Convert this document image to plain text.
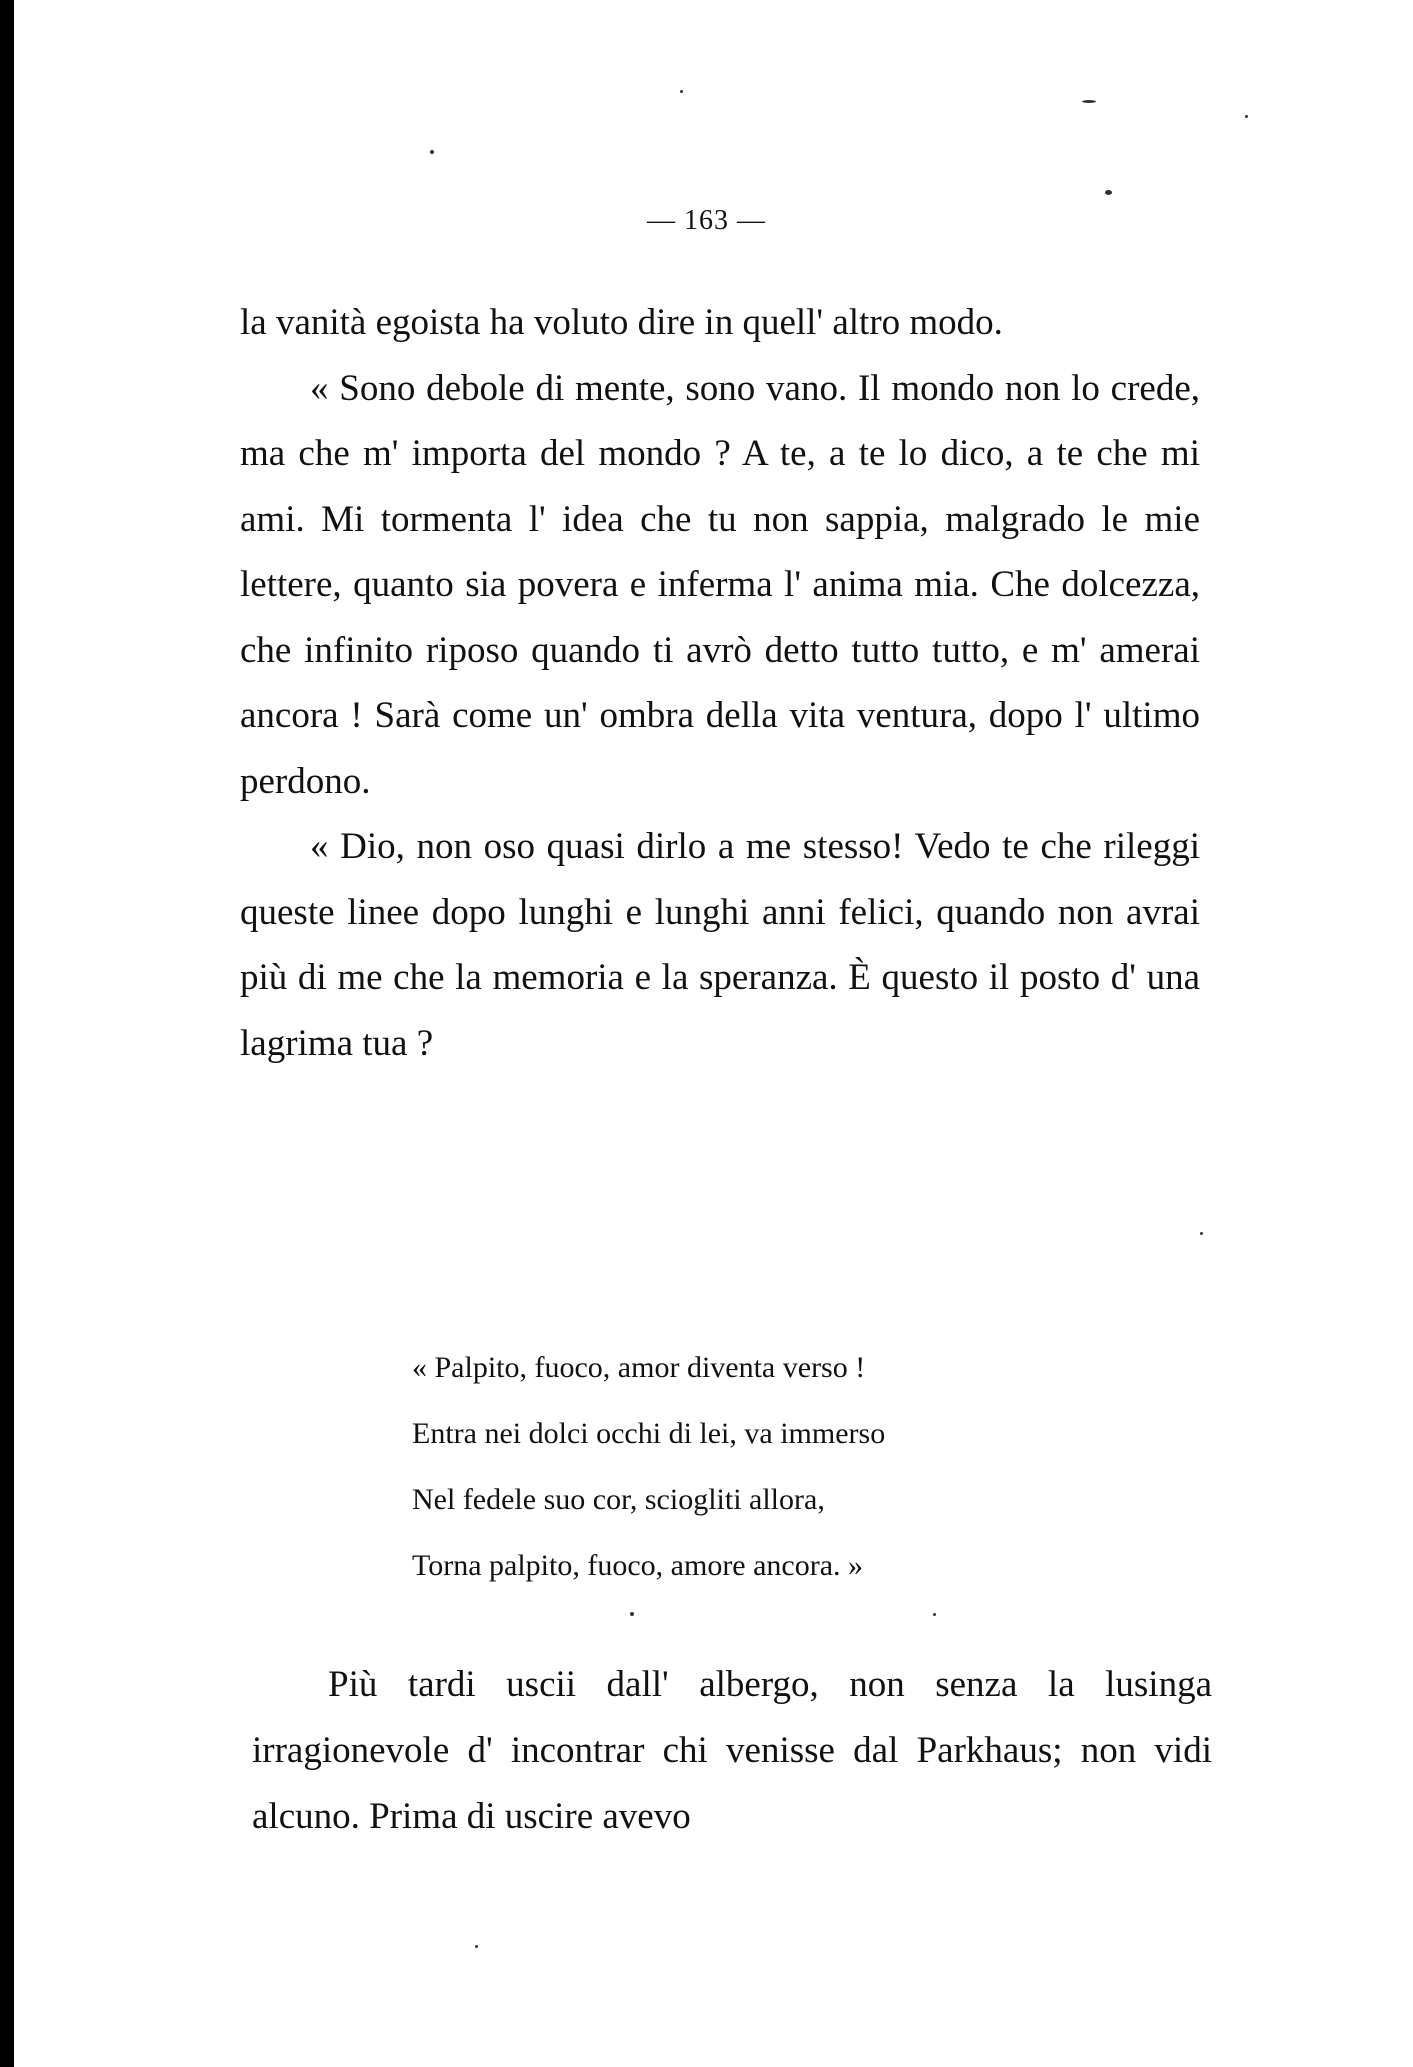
— 163 —

la vanità egoista ha voluto dire in quell' altro modo.

« Sono debole di mente, sono vano. Il mondo non lo crede, ma che m' importa del mondo ? A te, a te lo dico, a te che mi ami. Mi tormenta l' idea che tu non sappia, malgrado le mie lettere, quanto sia povera e inferma l' anima mia. Che dolcezza, che infinito riposo quando ti avrò detto tutto tutto, e m' amerai ancora ! Sarà come un' ombra della vita ventura, dopo l' ultimo perdono.

« Dio, non oso quasi dirlo a me stesso! Vedo te che rileggi queste linee dopo lunghi e lunghi anni felici, quando non avrai più di me che la memoria e la speranza. È questo il posto d' una lagrima tua ?

« Palpito, fuoco, amor diventa verso !
Entra nei dolci occhi di lei, va immerso
Nel fedele suo cor, sciogliti allora,
Torna palpito, fuoco, amore ancora. »

Più tardi uscii dall' albergo, non senza la lusinga irragionevole d' incontrar chi venisse dal Parkhaus; non vidi alcuno. Prima di uscire avevo
